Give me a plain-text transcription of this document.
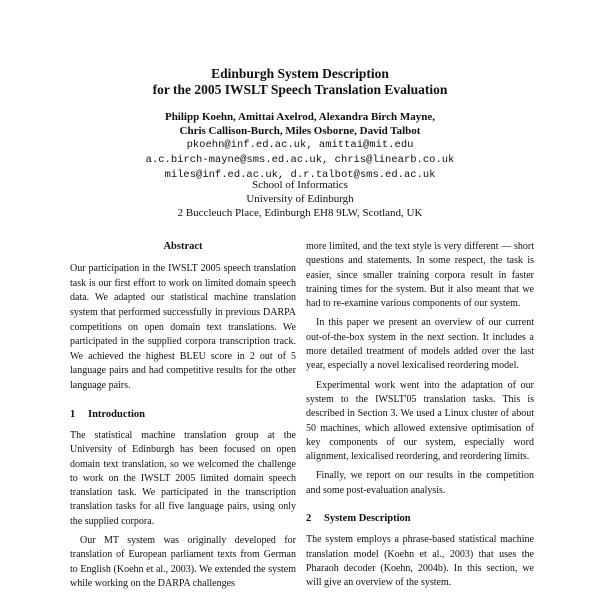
Edinburgh System Description
for the 2005 IWSLT Speech Translation Evaluation
Philipp Koehn, Amittai Axelrod, Alexandra Birch Mayne,
Chris Callison-Burch, Miles Osborne, David Talbot
pkoehn@inf.ed.ac.uk, amittai@mit.edu
a.c.birch-mayne@sms.ed.ac.uk, chris@linearb.co.uk
miles@inf.ed.ac.uk, d.r.talbot@sms.ed.ac.uk
School of Informatics
University of Edinburgh
2 Buccleuch Place, Edinburgh EH8 9LW, Scotland, UK
Abstract

Our participation in the IWSLT 2005 speech translation task is our first effort to work on limited domain speech data. We adapted our statistical machine translation system that performed successfully in previous DARPA competitions on open domain text translations. We participated in the supplied corpora transcription track. We achieved the highest BLEU score in 2 out of 5 language pairs and had competitive results for the other language pairs.

1 Introduction

The statistical machine translation group at the University of Edinburgh has been focused on open domain text translation, so we welcomed the challenge to work on the IWSLT 2005 limited domain speech translation task. We participated in the transcription translation tasks for all five language pairs, using only the supplied corpora.

Our MT system was originally developed for translation of European parliament texts from German to English (Koehn et al., 2003). We extended the system while working on the DARPA challenges

more limited, and the text style is very different — short questions and statements. In some respect, the task is easier, since smaller training corpora result in faster training times for the system. But it also meant that we had to re-examine various components of our system.

In this paper we present an overview of our current out-of-the-box system in the next section. It includes a more detailed treatment of models added over the last year, especially a novel lexicalised reordering model.

Experimental work went into the adaptation of our system to the IWSLT'05 translation tasks. This is described in Section 3. We used a Linux cluster of about 50 machines, which allowed extensive optimisation of key components of our system, especially word alignment, lexicalised reordering, and reordering limits.

Finally, we report on our results in the competition and some post-evaluation analysis.

2 System Description

The system employs a phrase-based statistical machine translation model (Koehn et al., 2003) that uses the Pharaoh decoder (Koehn, 2004b). In this section, we will give an overview of the system.
